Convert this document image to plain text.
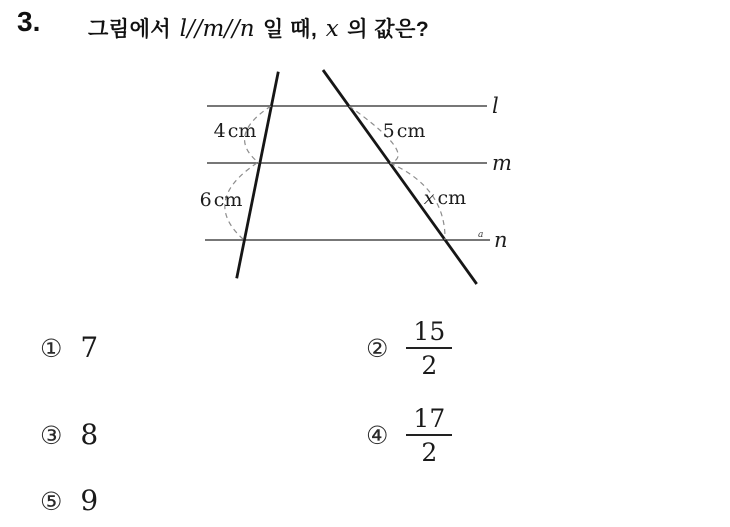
3. 그림에서 l//m//n 일 때, x 의 값은?
l
m
n
a
4 cm	5 cm
6 cm	x cm
① 7	② $\frac{15}{2}$
③ 8	④ $\frac{17}{2}$
⑤ 9
